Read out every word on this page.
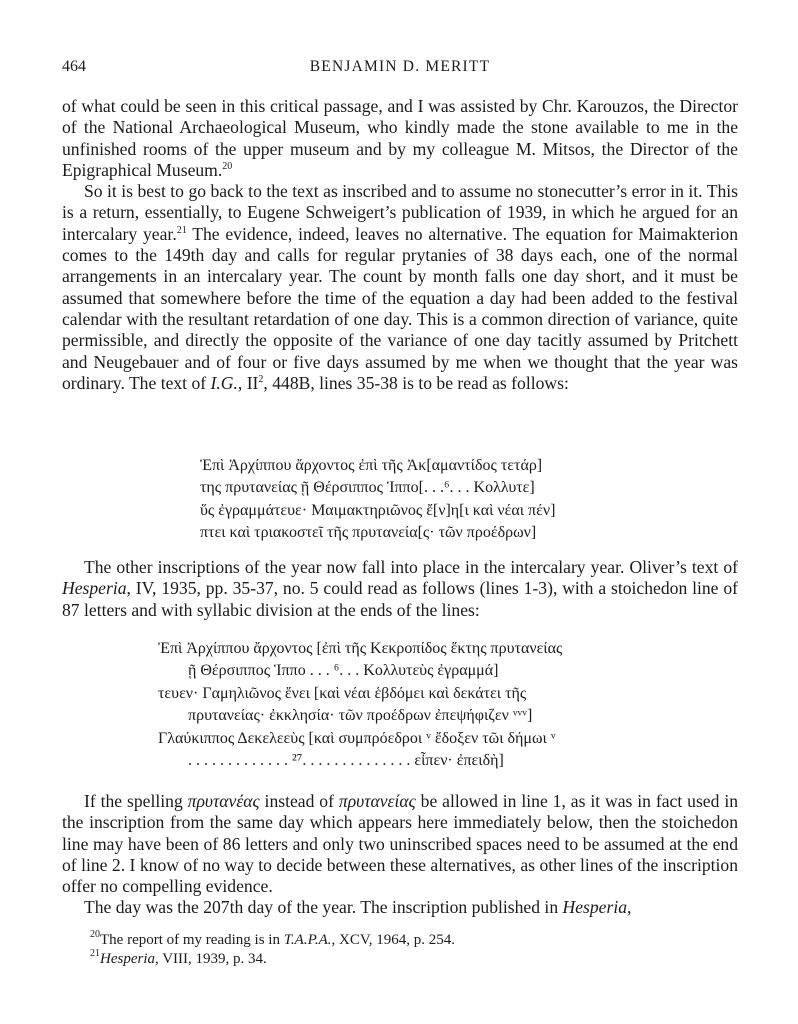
464	BENJAMIN D. MERITT

of what could be seen in this critical passage, and I was assisted by Chr. Karouzos, the Director of the National Archaeological Museum, who kindly made the stone available to me in the unfinished rooms of the upper museum and by my colleague M. Mitsos, the Director of the Epigraphical Museum.$^{20}$

So it is best to go back to the text as inscribed and to assume no stonecutter’s error in it. This is a return, essentially, to Eugene Schweigert’s publication of 1939, in which he argued for an intercalary year.$^{21}$ The evidence, indeed, leaves no alternative. The equation for Maimakterion comes to the 149th day and calls for regular prytanies of 38 days each, one of the normal arrangements in an intercalary year. The count by month falls one day short, and it must be assumed that somewhere before the time of the equation a day had been added to the festival calendar with the resultant retardation of one day. This is a common direction of variance, quite permissible, and directly the opposite of the variance of one day tacitly assumed by Pritchett and Neugebauer and of four or five days assumed by me when we thought that the year was ordinary. The text of I.G., $II^2$, 448B, lines 35-38 is to be read as follows:

Ἐπὶ Ἀρχίππου ἄρχοντος ἐπὶ τῆς Ἀκ[αμαντίδος τετάρ]
της πρυτανείας ῇ Θέρσιππος Ἱππο[. . .⁶. . . Κολλυτε]
ὕς ἐγραμμάτευε· Μαιμακτηριῶνος ἔ[ν]η[ι καὶ νέαι πέν]
πτει καὶ τριακοστεῖ τῆς πρυτανεία[ς· τῶν προέδρων]

The other inscriptions of the year now fall into place in the intercalary year. Oliver’s text of Hesperia, IV, 1935, pp. 35-37, no. 5 could read as follows (lines 1-3), with a stoichedon line of 87 letters and with syllabic division at the ends of the lines:

Ἐπὶ Ἀρχίππου ἄρχοντος [ἐπὶ τῆς Κεκροπίδος ἕκτης πρυτανείας
ῇ Θέρσιππος Ἱππο . . . ⁶. . . Κολλυτεὺς ἐγραμμά]
τευεν· Γαμηλιῶνος ἕνει [καὶ νέαι ἑβδόμει καὶ δεκάτει τῆς
πρυτανείας· ἐκκλησία· τῶν προέδρων ἐπεψήφιζεν ᵛᵛᵛ]
Γλαύκιππος Δεκελεεὺς [καὶ συμπρόεδροι ᵛ ἔδοξεν τῶι δήμωι ᵛ
. . . . . . . . . . . . . ²⁷. . . . . . . . . . . . . . εἶπεν· ἐπειδὴ]

If the spelling πρυτανέας instead of πρυτανείας be allowed in line 1, as it was in fact used in the inscription from the same day which appears here immediately below, then the stoichedon line may have been of 86 letters and only two uninscribed spaces need to be assumed at the end of line 2. I know of no way to decide between these alternatives, as other lines of the inscription offer no compelling evidence.

The day was the 207th day of the year. The inscription published in Hesperia,

$^{20}$The report of my reading is in T.A.P.A., XCV, 1964, p. 254.
$^{21}$Hesperia, VIII, 1939, p. 34.
